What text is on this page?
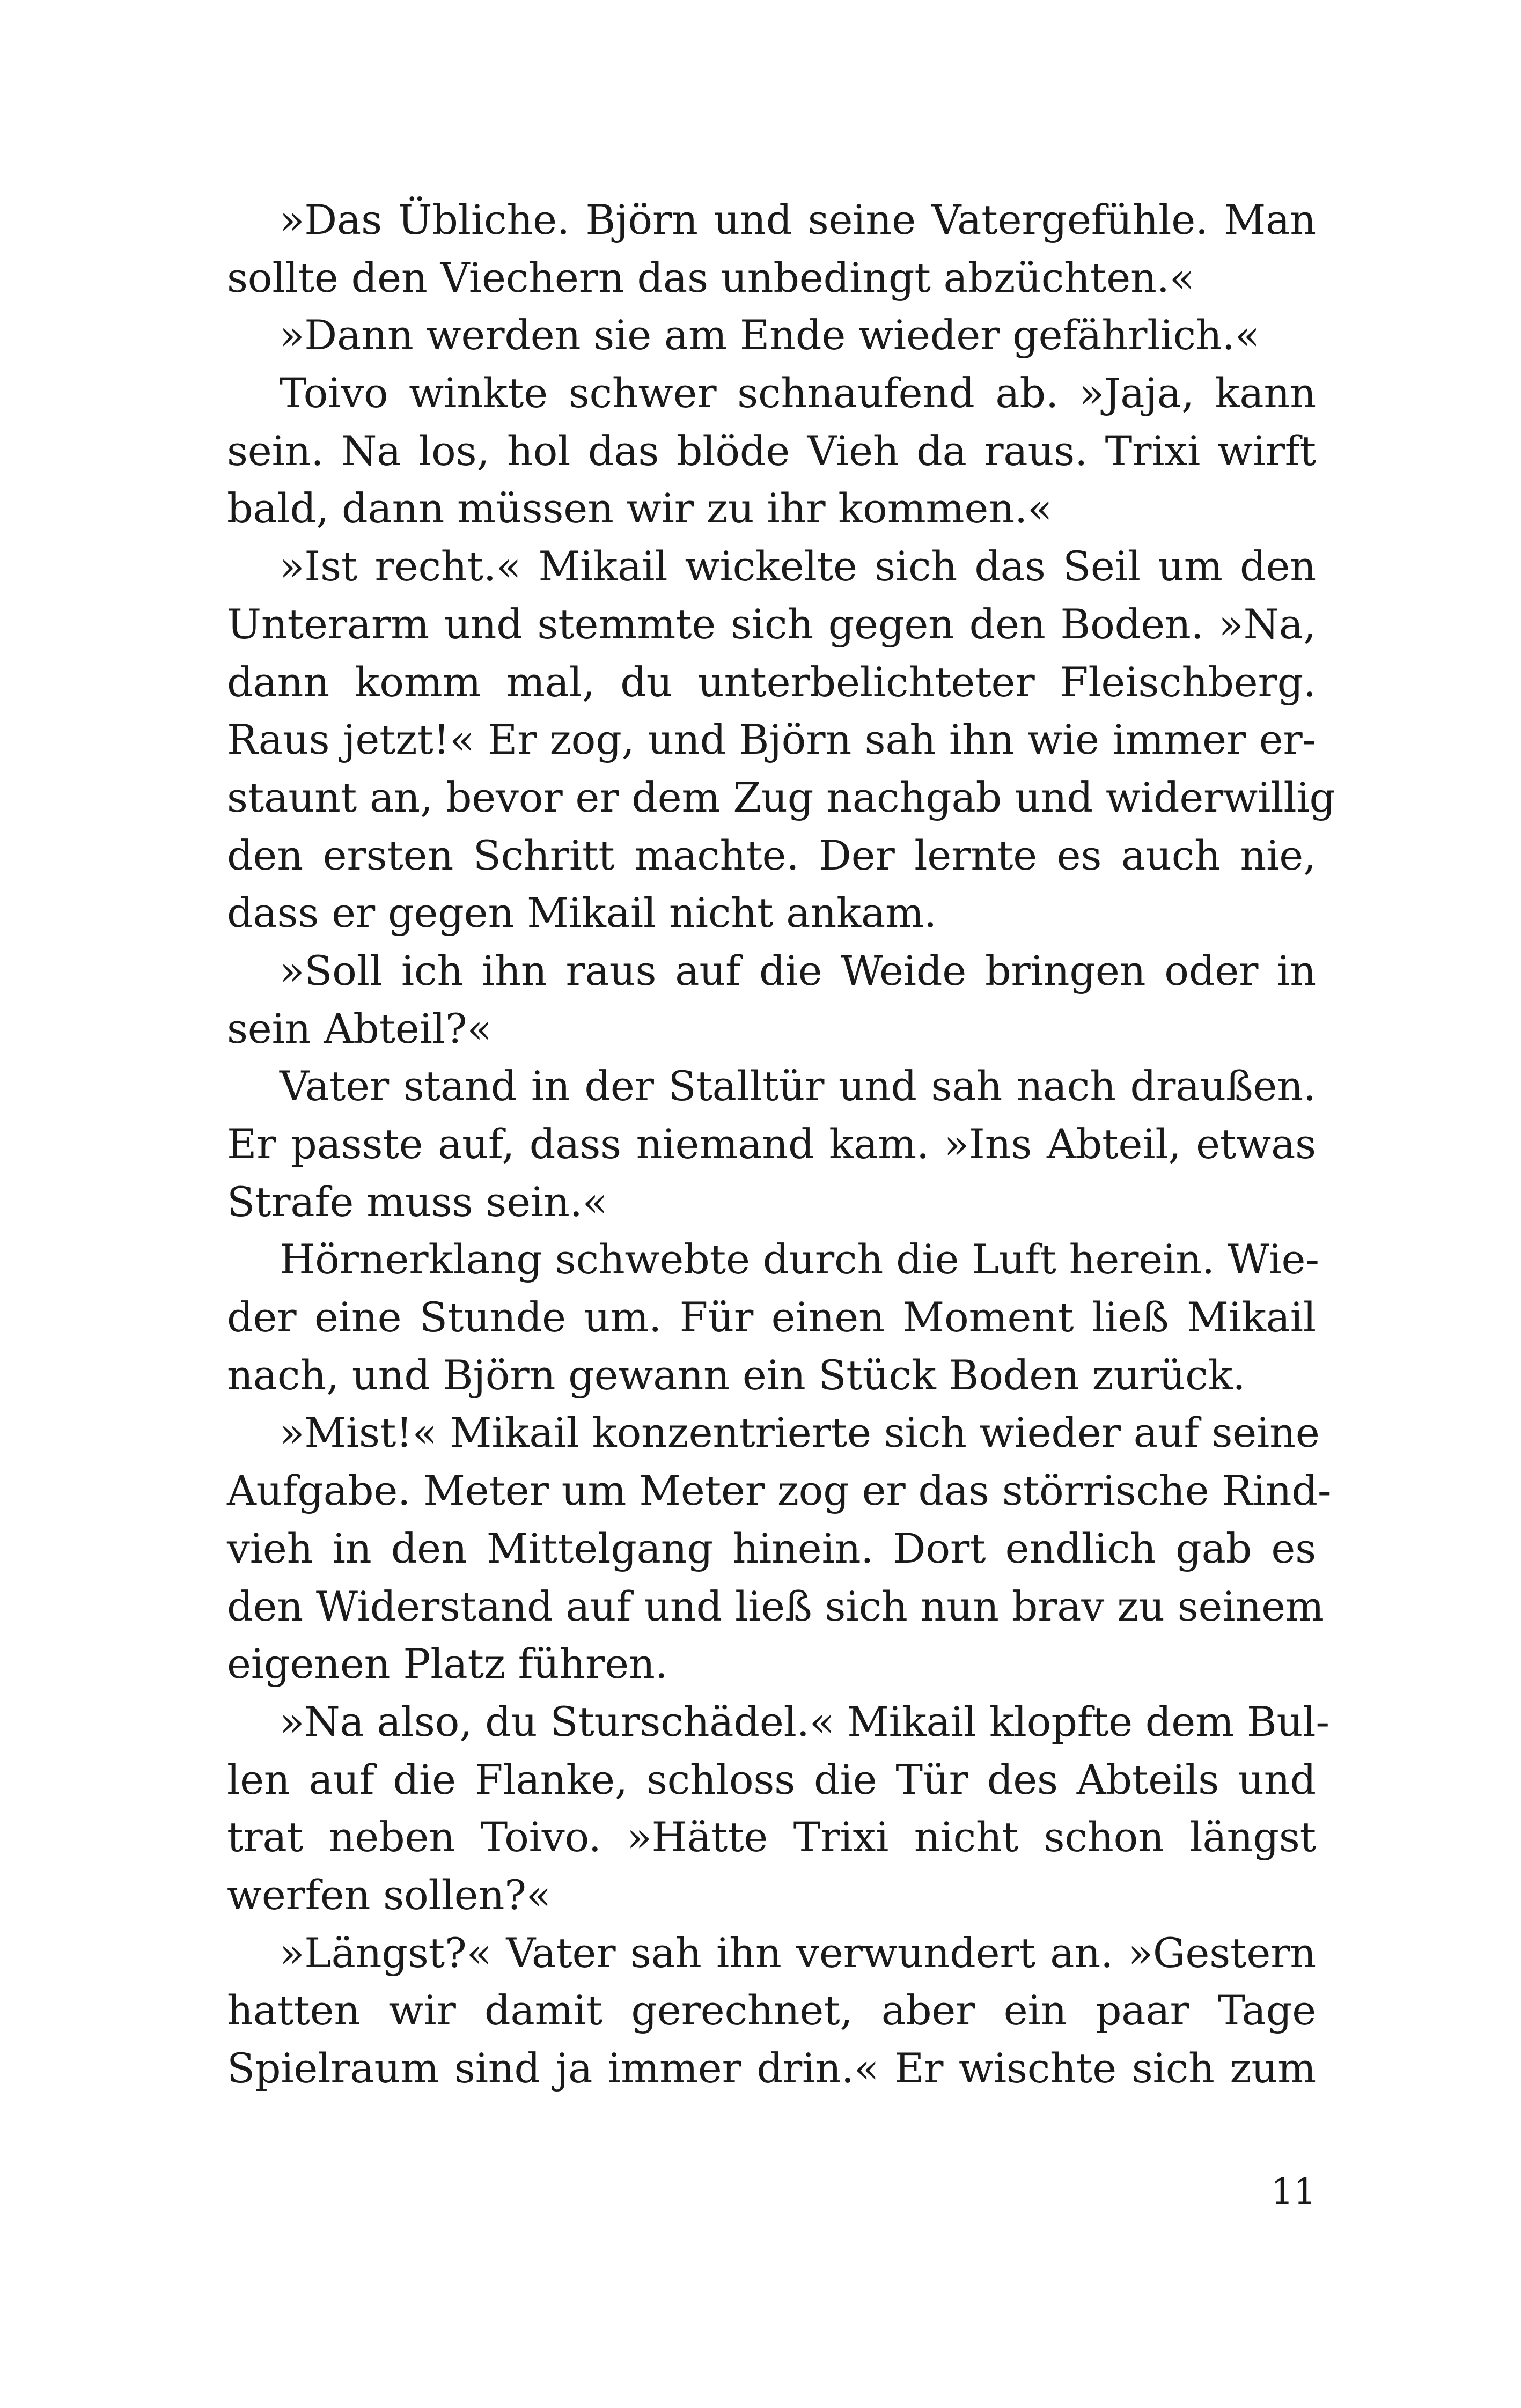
»Das Übliche. Björn und seine Vatergefühle. Man
sollte den Viechern das unbedingt abzüchten.«
»Dann werden sie am Ende wieder gefährlich.«
Toivo winkte schwer schnaufend ab. »Jaja, kann
sein. Na los, hol das blöde Vieh da raus. Trixi wirft
bald, dann müssen wir zu ihr kommen.«
»Ist recht.« Mikail wickelte sich das Seil um den
Unterarm und stemmte sich gegen den Boden. »Na,
dann komm mal, du unterbelichteter Fleischberg.
Raus jetzt!« Er zog, und Björn sah ihn wie immer er-
staunt an, bevor er dem Zug nachgab und widerwillig
den ersten Schritt machte. Der lernte es auch nie,
dass er gegen Mikail nicht ankam.
»Soll ich ihn raus auf die Weide bringen oder in
sein Abteil?«
Vater stand in der Stalltür und sah nach draußen.
Er passte auf, dass niemand kam. »Ins Abteil, etwas
Strafe muss sein.«
Hörnerklang schwebte durch die Luft herein. Wie-
der eine Stunde um. Für einen Moment ließ Mikail
nach, und Björn gewann ein Stück Boden zurück.
»Mist!« Mikail konzentrierte sich wieder auf seine
Aufgabe. Meter um Meter zog er das störrische Rind-
vieh in den Mittelgang hinein. Dort endlich gab es
den Widerstand auf und ließ sich nun brav zu seinem
eigenen Platz führen.
»Na also, du Sturschädel.« Mikail klopfte dem Bul-
len auf die Flanke, schloss die Tür des Abteils und
trat neben Toivo. »Hätte Trixi nicht schon längst
werfen sollen?«
»Längst?« Vater sah ihn verwundert an. »Gestern
hatten wir damit gerechnet, aber ein paar Tage
Spielraum sind ja immer drin.« Er wischte sich zum
11
